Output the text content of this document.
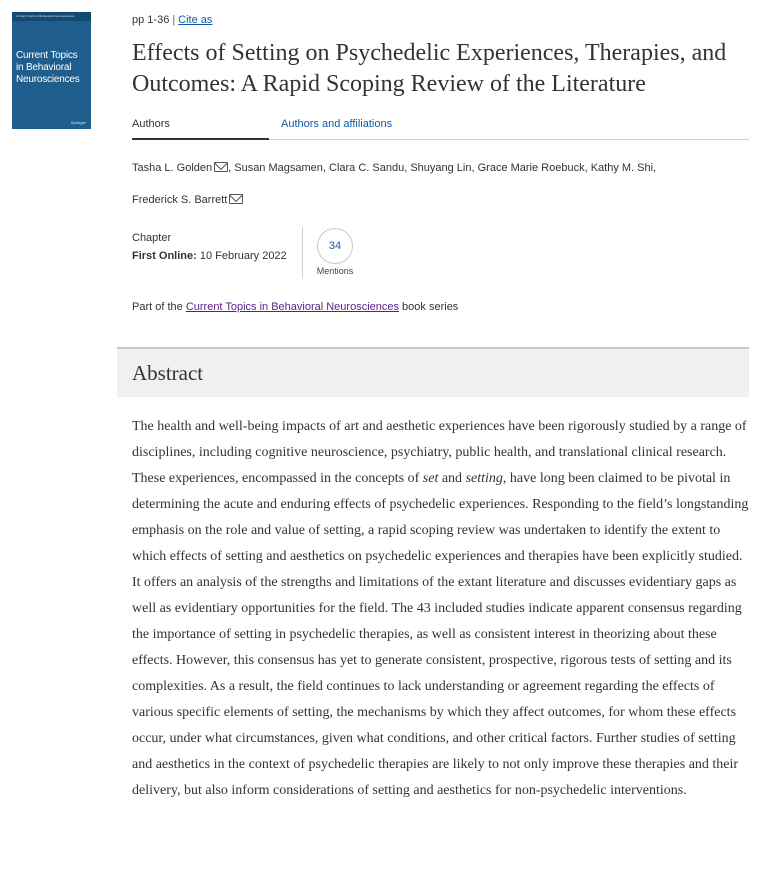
Current Topics in Behavioral Neurosciences
Current Topics
in Behavioral
Neurosciences
Springer
pp 1-36 | Cite as
Effects of Setting on Psychedelic Experiences, Therapies, and Outcomes: A Rapid Scoping Review of the Literature
Authors	Authors and affiliations
Tasha L. Golden , Susan Magsamen, Clara C. Sandu, Shuyang Lin, Grace Marie Roebuck, Kathy M. Shi,
Frederick S. Barrett
Chapter
First Online: 10 February 2022
34
Mentions
Part of the Current Topics in Behavioral Neurosciences book series
Abstract

The health and well-being impacts of art and aesthetic experiences have been rigorously studied by a range of disciplines, including cognitive neuroscience, psychiatry, public health, and translational clinical research. These experiences, encompassed in the concepts of set and setting, have long been claimed to be pivotal in determining the acute and enduring effects of psychedelic experiences. Responding to the field’s longstanding emphasis on the role and value of setting, a rapid scoping review was undertaken to identify the extent to which effects of setting and aesthetics on psychedelic experiences and therapies have been explicitly studied. It offers an analysis of the strengths and limitations of the extant literature and discusses evidentiary gaps as well as evidentiary opportunities for the field. The 43 included studies indicate apparent consensus regarding the importance of setting in psychedelic therapies, as well as consistent interest in theorizing about these effects. However, this consensus has yet to generate consistent, prospective, rigorous tests of setting and its complexities. As a result, the field continues to lack understanding or agreement regarding the effects of various specific elements of setting, the mechanisms by which they affect outcomes, for whom these effects occur, under what circumstances, given what conditions, and other critical factors. Further studies of setting and aesthetics in the context of psychedelic therapies are likely to not only improve these therapies and their delivery, but also inform considerations of setting and aesthetics for non-psychedelic interventions.
